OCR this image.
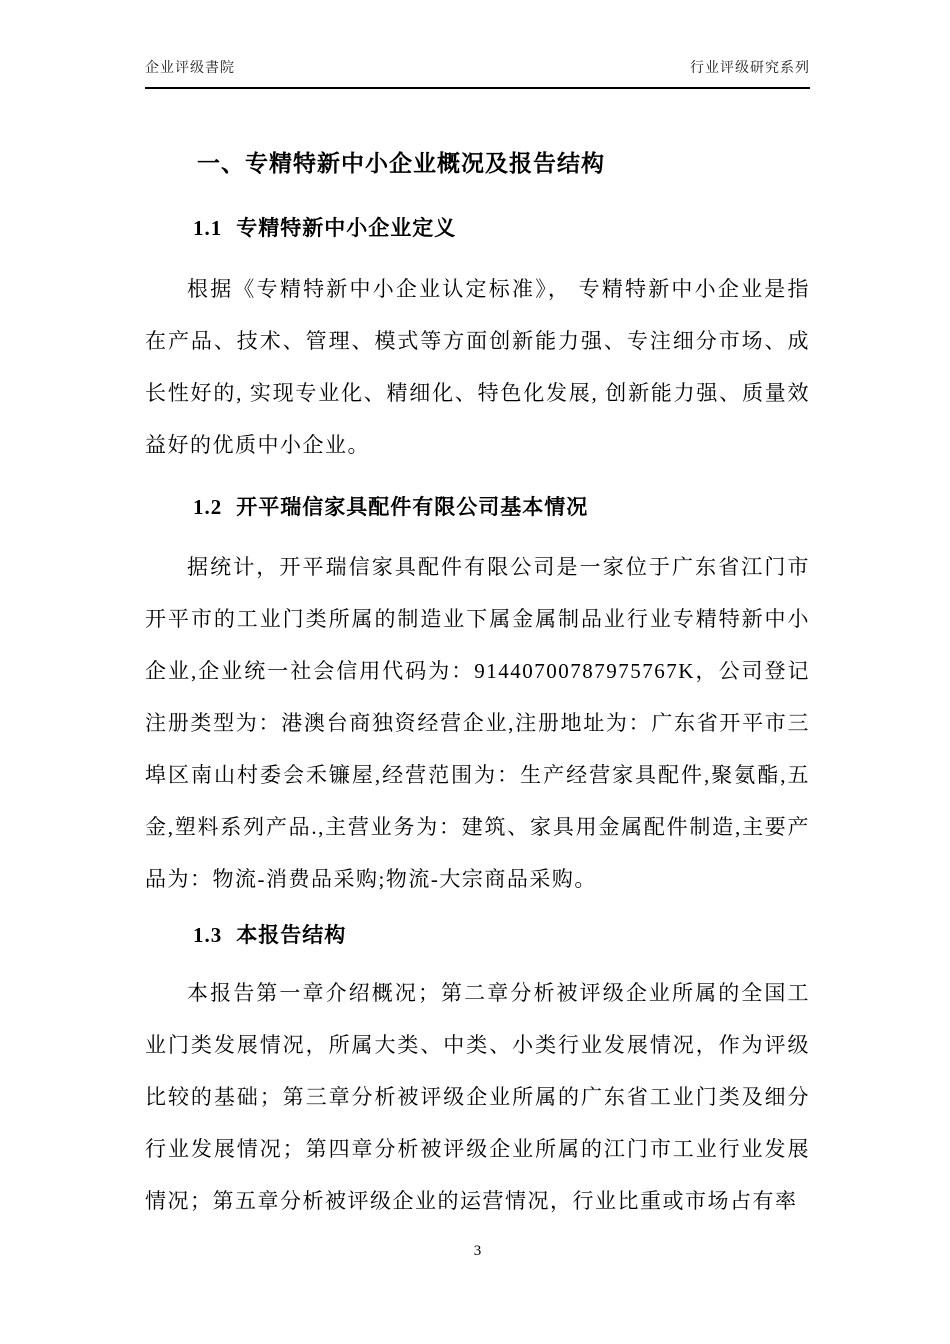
企业评级書院	行业评级研究系列
一、专精特新中小企业概况及报告结构
1.1 专精特新中小企业定义
根据《专精特新中小企业认定标准》， 专精特新中小企业是指在产品、技术、管理、模式等方面创新能力强、专注细分市场、成长性好的, 实现专业化、精细化、特色化发展, 创新能力强、质量效益好的优质中小企业。
1.2 开平瑞信家具配件有限公司基本情况
据统计，开平瑞信家具配件有限公司是一家位于广东省江门市开平市的工业门类所属的制造业下属金属制品业行业专精特新中小企业,企业统一社会信用代码为：91440700787975767K，公司登记注册类型为：港澳台商独资经营企业,注册地址为：广东省开平市三埠区南山村委会禾镰屋,经营范围为：生产经营家具配件,聚氨酯,五金,塑料系列产品.,主营业务为：建筑、家具用金属配件制造,主要产品为：物流-消费品采购;物流-大宗商品采购。
1.3 本报告结构
本报告第一章介绍概况；第二章分析被评级企业所属的全国工业门类发展情况，所属大类、中类、小类行业发展情况，作为评级比较的基础；第三章分析被评级企业所属的广东省工业门类及细分行业发展情况；第四章分析被评级企业所属的江门市工业行业发展情况；第五章分析被评级企业的运营情况，行业比重或市场占有率
3
